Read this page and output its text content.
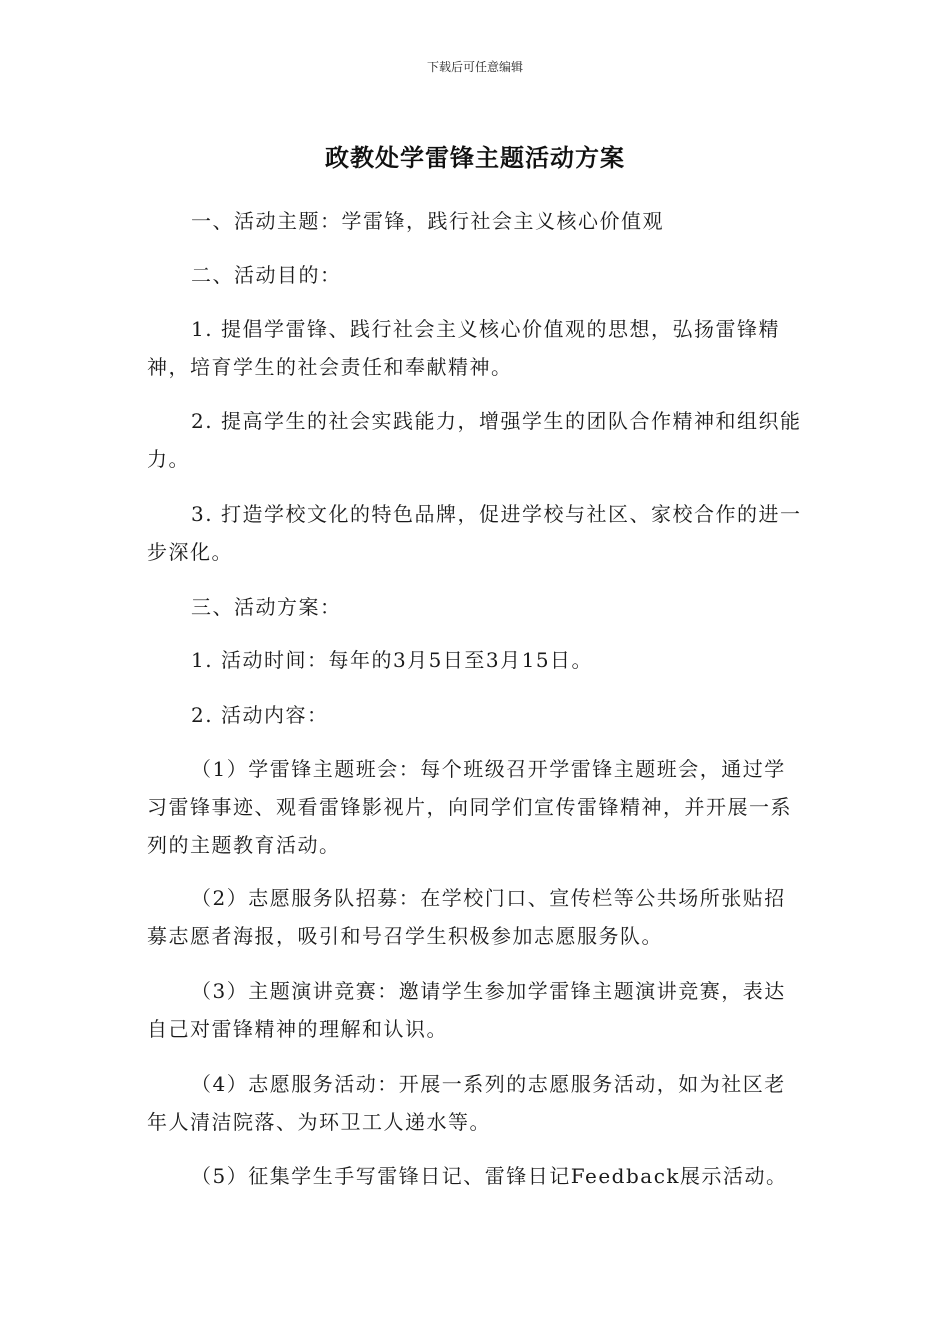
下载后可任意编辑
政教处学雷锋主题活动方案

一、活动主题：学雷锋，践行社会主义核心价值观

二、活动目的：

1. 提倡学雷锋、践行社会主义核心价值观的思想，弘扬雷锋精神，培育学生的社会责任和奉献精神。

2. 提高学生的社会实践能力，增强学生的团队合作精神和组织能力。

3. 打造学校文化的特色品牌，促进学校与社区、家校合作的进一步深化。

三、活动方案：

1. 活动时间：每年的3月5日至3月15日。

2. 活动内容：

（1）学雷锋主题班会：每个班级召开学雷锋主题班会，通过学习雷锋事迹、观看雷锋影视片，向同学们宣传雷锋精神，并开展一系列的主题教育活动。

（2）志愿服务队招募：在学校门口、宣传栏等公共场所张贴招募志愿者海报，吸引和号召学生积极参加志愿服务队。

（3）主题演讲竞赛：邀请学生参加学雷锋主题演讲竞赛，表达自己对雷锋精神的理解和认识。

（4）志愿服务活动：开展一系列的志愿服务活动，如为社区老年人清洁院落、为环卫工人递水等。

（5）征集学生手写雷锋日记、雷锋日记Feedback展示活动。
